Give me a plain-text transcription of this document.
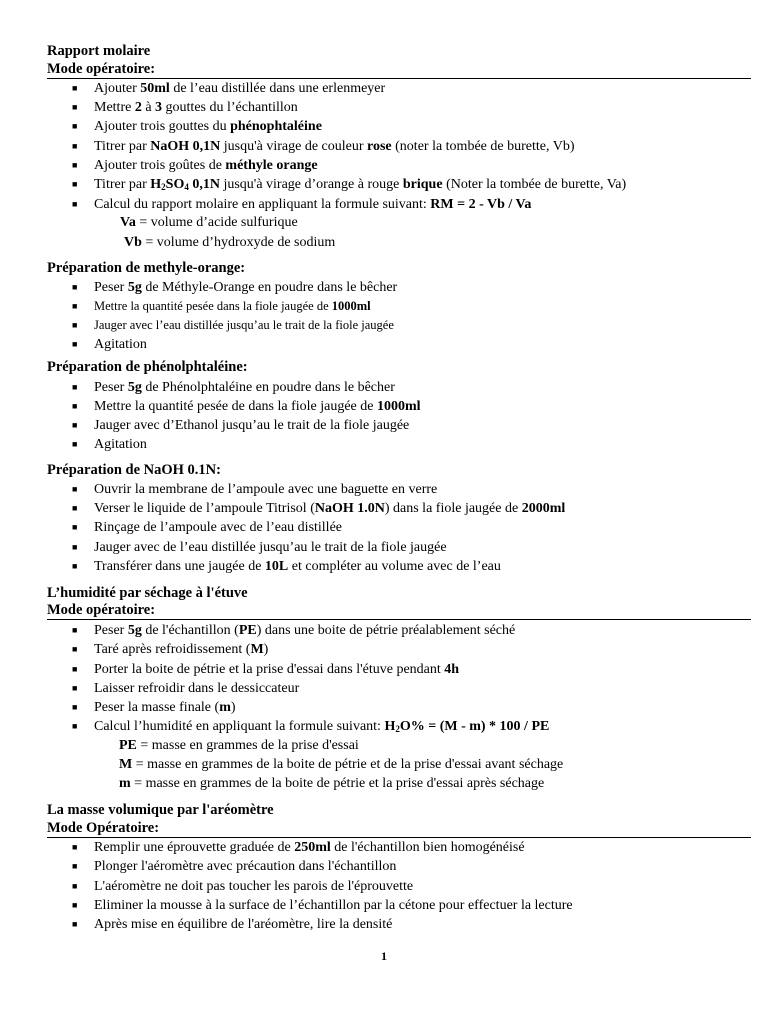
Rapport molaire
Mode opératoire:
■ Ajouter 50ml de l’eau distillée dans une erlenmeyer
■ Mettre 2 à 3 gouttes du l’échantillon
■ Ajouter trois gouttes du phénophtaléine
■ Titrer par NaOH 0,1N jusqu'à virage de couleur rose (noter la tombée de burette, Vb)
■ Ajouter trois goûtes de méthyle orange
■ Titrer par $H_2SO_4$ 0,1N jusqu'à virage d’orange à rouge brique (Noter la tombée de burette, Va)
■ Calcul du rapport molaire en appliquant la formule suivant: RM = 2 - Vb / Va
Va = volume d’acide sulfurique
Vb = volume d’hydroxyde de sodium
Préparation de methyle-orange:
■ Peser 5g de Méthyle-Orange en poudre dans le bêcher
■ Mettre la quantité pesée dans la fiole jaugée de 1000ml
■ Jauger avec l’eau distillée jusqu’au le trait de la fiole jaugée
■ Agitation
Préparation de phénolphtaléine:
■ Peser 5g de Phénolphtaléine en poudre dans le bêcher
■ Mettre la quantité pesée de dans la fiole jaugée de 1000ml
■ Jauger avec d’Ethanol jusqu’au le trait de la fiole jaugée
■ Agitation
Préparation de NaOH 0.1N:
■ Ouvrir la membrane de l’ampoule avec une baguette en verre
■ Verser le liquide de l’ampoule Titrisol (NaOH 1.0N) dans la fiole jaugée de 2000ml
■ Rinçage de l’ampoule avec de l’eau distillée
■ Jauger avec de l’eau distillée jusqu’au le trait de la fiole jaugée
■ Transférer dans une jaugée de 10L et compléter au volume avec de l’eau
L’humidité par séchage à l'étuve
Mode opératoire:
■ Peser 5g de l'échantillon (PE) dans une boite de pétrie préalablement séché
■ Taré après refroidissement (M)
■ Porter la boite de pétrie et la prise d'essai dans l'étuve pendant 4h
■ Laisser refroidir dans le dessiccateur
■ Peser la masse finale (m)
■ Calcul l’humidité en appliquant la formule suivant: $H_2O\% = (M - m) * 100$ / PE
PE = masse en grammes de la prise d'essai
M = masse en grammes de la boite de pétrie et de la prise d'essai avant séchage
m = masse en grammes de la boite de pétrie et la prise d'essai après séchage
La masse volumique par l'aréomètre
Mode Opératoire:
■ Remplir une éprouvette graduée de 250ml de l'échantillon bien homogénéisé
■ Plonger l'aéromètre avec précaution dans l'échantillon
■ L'aéromètre ne doit pas toucher les parois de l'éprouvette
■ Eliminer la mousse à la surface de l’échantillon par la cétone pour effectuer la lecture
■ Après mise en équilibre de l'aréomètre, lire la densité
1
